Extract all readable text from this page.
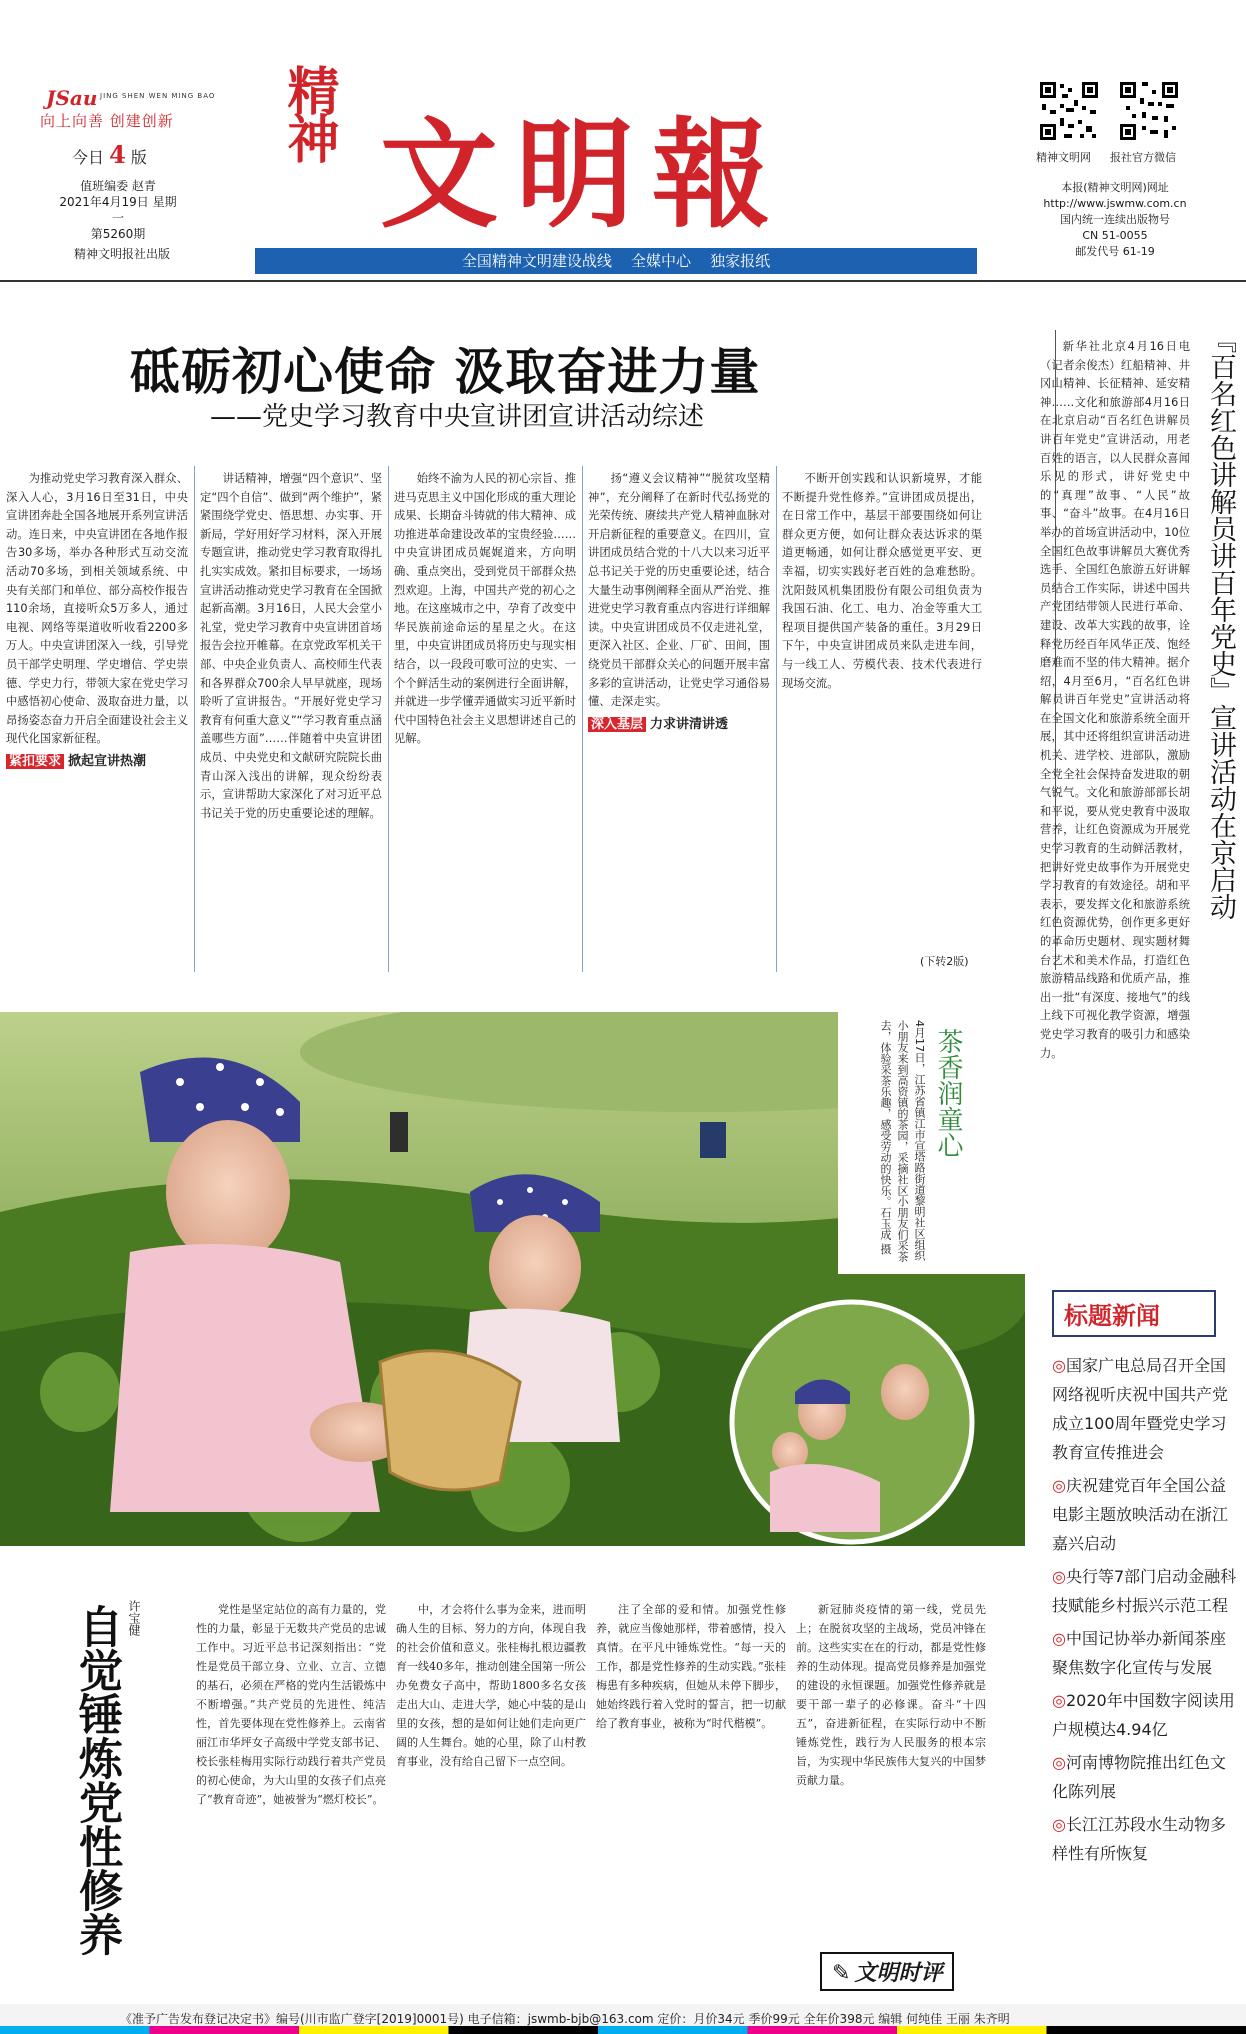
JSau JING SHEN WEN MING BAO
向上向善 创建创新
今日 4 版
值班编委 赵青
2021年4月19日 星期一
第5260期
精神文明报社出版
精神 文明報
全国精神文明建设战线    全媒中心    独家报纸
精神文明网 报社官方微信
本报(精神文明网)网址
http://www.jswmw.com.cn
国内统一连续出版物号
CN 51-0055
邮发代号 61-19
砥砺初心使命 汲取奋进力量
——党史学习教育中央宣讲团宣讲活动综述

为推动党史学习教育深入群众、深入人心，3月16日至31日，中央宣讲团奔赴全国各地展开系列宣讲活动。连日来，中央宣讲团在各地作报告30多场，举办各种形式互动交流活动70多场，到相关领域系统、中央有关部门和单位、部分高校作报告110余场，直接听众5万多人，通过电视、网络等渠道收听收看2200多万人。中央宣讲团深入一线，引导党员干部学史明理、学史增信、学史崇德、学史力行，带领大家在党史学习中感悟初心使命、汲取奋进力量，以昂扬姿态奋力开启全面建设社会主义现代化国家新征程。

紧扣要求 掀起宣讲热潮

讲话精神，增强“四个意识”、坚定“四个自信”、做到“两个维护”，紧紧围绕学党史、悟思想、办实事、开新局，学好用好学习材料，深入开展专题宣讲，推动党史学习教育取得扎扎实实成效。紧扣目标要求，一场场宣讲活动推动党史学习教育在全国掀起新高潮。3月16日，人民大会堂小礼堂，党史学习教育中央宣讲团首场报告会拉开帷幕。在京党政军机关干部、中央企业负责人、高校师生代表和各界群众700余人早早就座，现场聆听了宣讲报告。“开展好党史学习教育有何重大意义”“学习教育重点涵盖哪些方面”……伴随着中央宣讲团成员、中央党史和文献研究院院长曲青山深入浅出的讲解，现众纷纷表示，宣讲帮助大家深化了对习近平总书记关于党的历史重要论述的理解。

始终不渝为人民的初心宗旨、推进马克思主义中国化形成的重大理论成果、长期奋斗铸就的伟大精神、成功推进革命建设改革的宝贵经验……中央宣讲团成员娓娓道来，方向明确、重点突出，受到党员干部群众热烈欢迎。上海，中国共产党的初心之地。在这座城市之中，孕育了改变中华民族前途命运的星星之火。在这里，中央宣讲团成员将历史与现实相结合，以一段段可歌可泣的史实、一个个鲜活生动的案例进行全面讲解，并就进一步学懂弄通做实习近平新时代中国特色社会主义思想讲述自己的见解。

扬“遵义会议精神”“脱贫攻坚精神”，充分阐释了在新时代弘扬党的光荣传统、赓续共产党人精神血脉对开启新征程的重要意义。在四川，宣讲团成员结合党的十八大以来习近平总书记关于党的历史重要论述，结合大量生动事例阐释全面从严治党、推进党史学习教育重点内容进行详细解读。中央宣讲团成员不仅走进礼堂，更深入社区、企业、厂矿、田间，围绕党员干部群众关心的问题开展丰富多彩的宣讲活动，让党史学习通俗易懂、走深走实。

深入基层 力求讲清讲透

不断开创实践和认识新境界，才能不断提升党性修养。”宣讲团成员提出，在日常工作中，基层干部要围绕如何让群众更方便，如何让群众表达诉求的渠道更畅通，如何让群众感觉更平安、更幸福，切实实践好老百姓的急难愁盼。沈阳鼓风机集团股份有限公司组负责为我国石油、化工、电力、冶金等重大工程项目提供国产装备的重任。3月29日下午，中央宣讲团成员来队走进车间，与一线工人、劳模代表、技术代表进行现场交流。

(下转2版)

新华社北京4月16日电（记者余俊杰）红船精神、井冈山精神、长征精神、延安精神……文化和旅游部4月16日在北京启动“百名红色讲解员讲百年党史”宣讲活动，用老百姓的语言，以人民群众喜闻乐见的形式，讲好党史中的“真理”故事、“人民”故事、“奋斗”故事。在4月16日举办的首场宣讲活动中，10位全国红色故事讲解员大赛优秀选手、全国红色旅游五好讲解员结合工作实际，讲述中国共产党团结带领人民进行革命、建设、改革大实践的故事，诠释党历经百年风华正茂、饱经磨难而不坚的伟大精神。据介绍，4月至6月，“百名红色讲解员讲百年党史”宣讲活动将在全国文化和旅游系统全面开展，其中还将组织宣讲活动进机关、进学校、进部队，激励全党全社会保持奋发进取的朝气锐气。文化和旅游部部长胡和平说，要从党史教育中汲取营养，让红色资源成为开展党史学习教育的生动鲜活教材，把讲好党史故事作为开展党史学习教育的有效途径。胡和平表示，要发挥文化和旅游系统红色资源优势，创作更多更好的革命历史题材、现实题材舞台艺术和美术作品，打造红色旅游精品线路和优质产品，推出一批“有深度、接地气”的线上线下可视化教学资源，增强党史学习教育的吸引力和感染力。

『百名红色讲解员讲百年党史』宣讲活动在京启动
茶香润童心
4月17日，江苏省镇江市宣塔路街道黎明社区组织小朋友来到高资镇的茶园，采摘社区小朋友们采茶去，体验采茶乐趣，感受劳动的快乐。石玉成 摄
标题新闻
◎国家广电总局召开全国网络视听庆祝中国共产党成立100周年暨党史学习教育宣传推进会
◎庆祝建党百年全国公益电影主题放映活动在浙江嘉兴启动
◎央行等7部门启动金融科技赋能乡村振兴示范工程
◎中国记协举办新闻茶座聚焦数字化宣传与发展
◎2020年中国数字阅读用户规模达4.94亿
◎河南博物院推出红色文化陈列展
◎长江江苏段水生动物多样性有所恢复
许宝健
自觉锤炼党性修养	党性是坚定站位的高有力量的，党性的力量，彰显于无数共产党员的忠诚工作中。习近平总书记深刻指出：“党性是党员干部立身、立业、立言、立德的基石，必须在严格的党内生活锻炼中不断增强。”共产党员的先进性、纯洁性，首先要体现在党性修养上。云南省丽江市华坪女子高级中学党支部书记、校长张桂梅用实际行动践行着共产党员的初心使命，为大山里的女孩子们点亮了“教育奇迹”，她被誉为“燃灯校长”。

中，才会将什么事为金来，进而明确人生的目标、努力的方向，体现自我的社会价值和意义。张桂梅扎根边疆教育一线40多年，推动创建全国第一所公办免费女子高中，帮助1800多名女孩走出大山、走进大学，她心中装的是山里的女孩，想的是如何让她们走向更广阔的人生舞台。她的心里，除了山村教育事业，没有给自己留下一点空间。

注了全部的爱和情。加强党性修养，就应当像她那样，带着感情，投入真情。在平凡中锤炼党性。“每一天的工作，都是党性修养的生动实践。”张桂梅患有多种疾病，但她从未停下脚步，她始终践行着入党时的誓言，把一切献给了教育事业，被称为“时代楷模”。

新冠肺炎疫情的第一线，党员先上；在脱贫攻坚的主战场，党员冲锋在前。这些实实在在的行动，都是党性修养的生动体现。提高党员修养是加强党的建设的永恒课题。加强党性修养就是要干部一辈子的必修课。奋斗“十四五”，奋进新征程，在实际行动中不断锤炼党性，践行为人民服务的根本宗旨，为实现中华民族伟大复兴的中国梦贡献力量。

✎ 文明时评
《准予广告发布登记决定书》编号(川市监广登字[2019]0001号) 电子信箱：jswmb-bjb@163.com 定价：月价34元 季价99元 全年价398元 编辑 何纯佳 王丽 朱齐明
